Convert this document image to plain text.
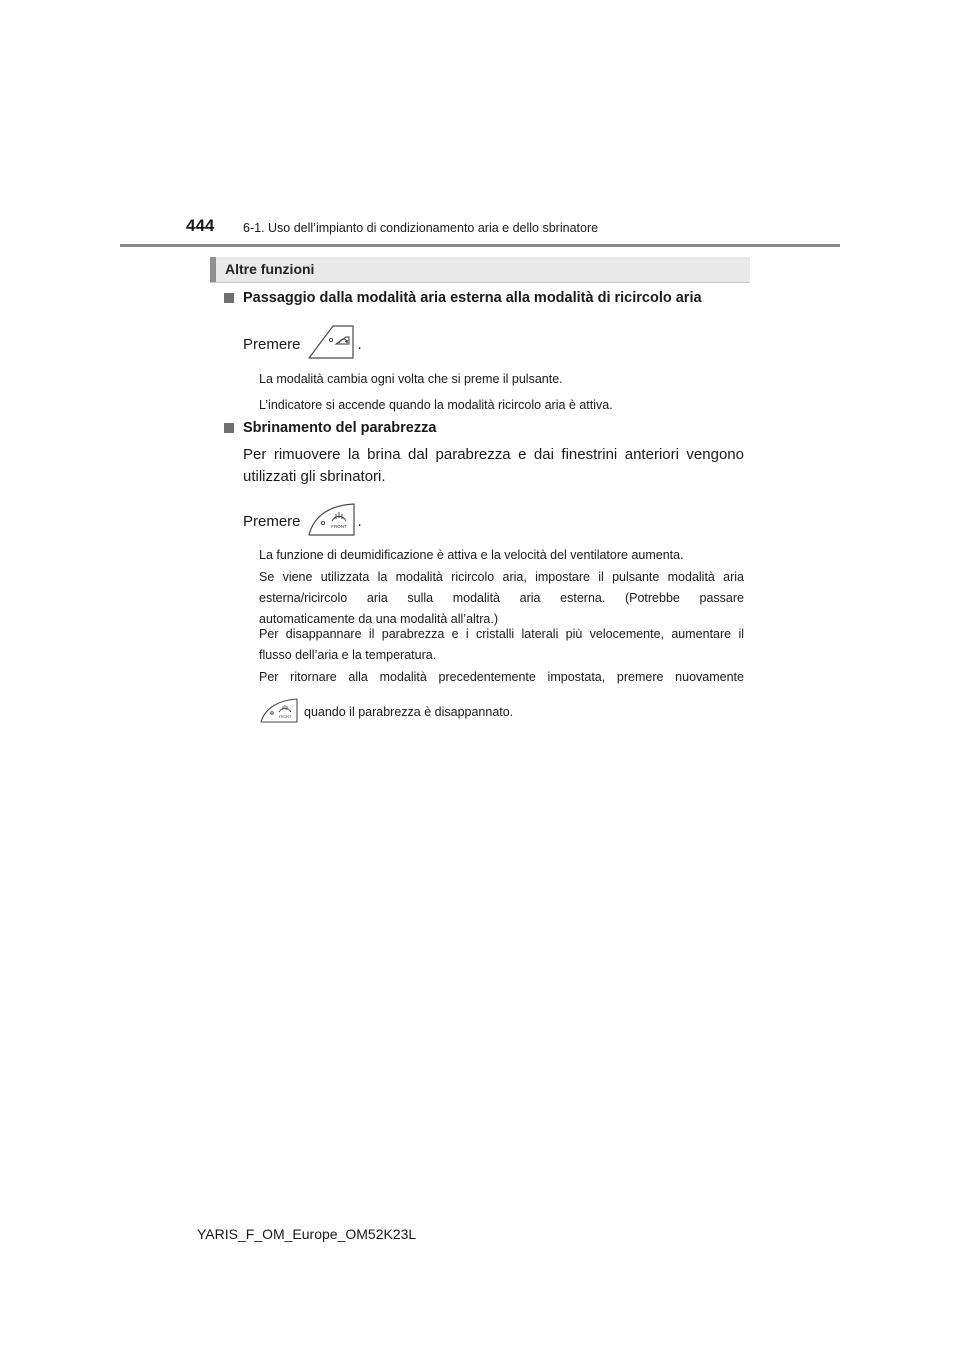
444 6-1. Uso dell’impianto di condizionamento aria e dello sbrinatore
Altre funzioni
Passaggio dalla modalità aria esterna alla modalità di ricircolo aria
Premere	.
La modalità cambia ogni volta che si preme il pulsante.
L’indicatore si accende quando la modalità ricircolo aria è attiva.
Sbrinamento del parabrezza
Per rimuovere la brina dal parabrezza e dai finestrini anteriori vengono
utilizzati gli sbrinatori.
Premere	FRONT .
La funzione di deumidificazione è attiva e la velocità del ventilatore aumenta.
Se viene utilizzata la modalità ricircolo aria, impostare il pulsante modalità aria
esterna/ricircolo aria sulla modalità aria esterna. (Potrebbe passare
automaticamente da una modalità all’altra.)
Per disappannare il parabrezza e i cristalli laterali più velocemente, aumentare il
flusso dell’aria e la temperatura.
Per ritornare alla modalità precedentemente impostata, premere nuovamente
FRONT quando il parabrezza è disappannato.
YARIS_F_OM_Europe_OM52K23L
